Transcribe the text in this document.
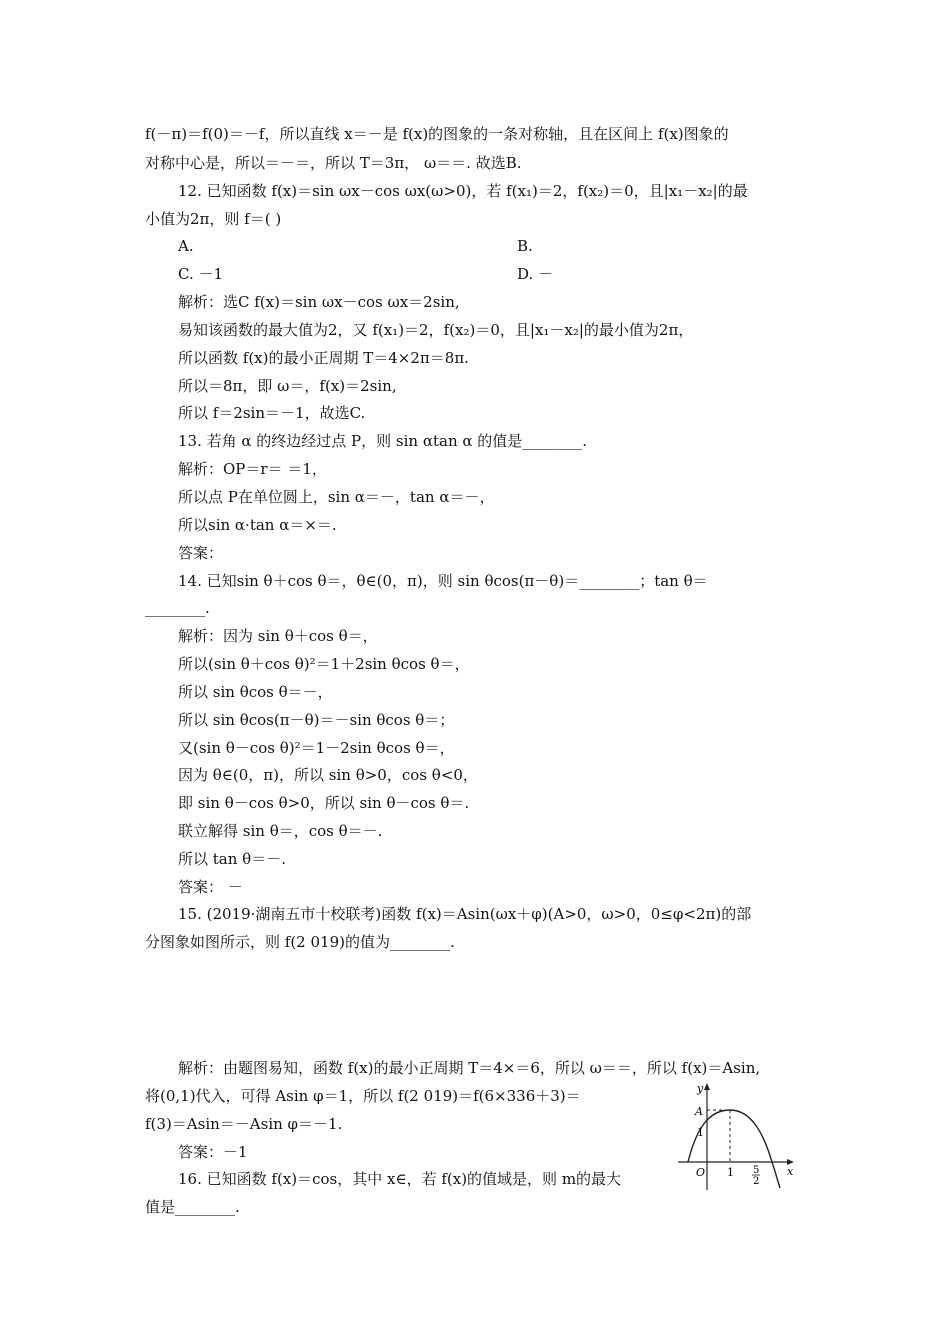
f(－π)＝f(0)＝－f，所以直线 x＝－是 f(x)的图象的一条对称轴，且在区间上 f(x)图象的
对称中心是，所以＝－＝，所以 T＝3π， ω＝＝. 故选B.
12. 已知函数 f(x)＝sin ωx－cos ωx(ω>0)，若 f(x₁)＝2，f(x₂)＝0，且|x₁－x₂|的最
小值为2π，则 f＝( )
A.	B.
C. －1	D. －
解析：选C f(x)＝sin ωx－cos ωx＝2sin,
易知该函数的最大值为2，又 f(x₁)＝2，f(x₂)＝0，且|x₁－x₂|的最小值为2π，
所以函数 f(x)的最小正周期 T＝4×2π＝8π.
所以＝8π，即 ω＝，f(x)＝2sin,
所以 f＝2sin＝－1，故选C.
13. 若角 α 的终边经过点 P，则 sin αtan α 的值是________.
解析：OP＝r＝ ＝1，
所以点 P在单位圆上，sin α＝－，tan α＝－，
所以sin α·tan α＝×＝.
答案：
14. 已知sin θ＋cos θ＝，θ∈(0，π)，则 sin θcos(π－θ)＝________；tan θ＝
________.
解析：因为 sin θ＋cos θ＝，
所以(sin θ＋cos θ)²＝1＋2sin θcos θ＝，
所以 sin θcos θ＝－，
所以 sin θcos(π－θ)＝－sin θcos θ＝；
又(sin θ－cos θ)²＝1－2sin θcos θ＝，
因为 θ∈(0，π)，所以 sin θ>0，cos θ<0，
即 sin θ－cos θ>0，所以 sin θ－cos θ＝.
联立解得 sin θ＝，cos θ＝－.
所以 tan θ＝－.
答案： －
15. (2019·湖南五市十校联考)函数 f(x)＝Asin(ωx＋φ)(A>0，ω>0，0≤φ<2π)的部
分图象如图所示，则 f(2 019)的值为________.
解析：由题图易知，函数 f(x)的最小正周期 T＝4×＝6，所以 ω＝＝，所以 f(x)＝Asin,
将(0,1)代入，可得 Asin φ＝1，所以 f(2 019)＝f(6×336＋3)＝
f(3)＝Asin＝－Asin φ＝－1.
答案：－1
16. 已知函数 f(x)＝cos，其中 x∈，若 f(x)的值域是，则 m的最大
值是________.
y
A
1
O 1 5
2
x
